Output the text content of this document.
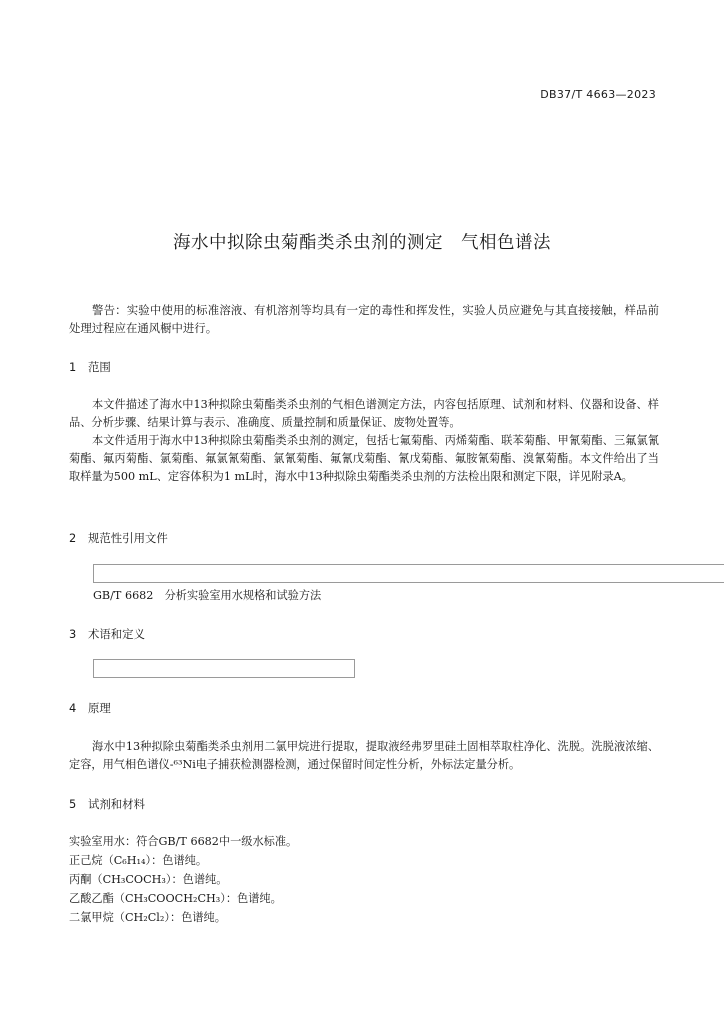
DB37/T 4663—2023
海水中拟除虫菊酯类杀虫剂的测定　气相色谱法
警告：实验中使用的标准溶液、有机溶剂等均具有一定的毒性和挥发性，实验人员应避免与其直接接触，样品前处理过程应在通风橱中进行。
1 范围
本文件描述了海水中13种拟除虫菊酯类杀虫剂的气相色谱测定方法，内容包括原理、试剂和材料、仪器和设备、样品、分析步骤、结果计算与表示、准确度、质量控制和质量保证、废物处置等。
本文件适用于海水中13种拟除虫菊酯类杀虫剂的测定，包括七氟菊酯、丙烯菊酯、联苯菊酯、甲氰菊酯、三氟氯氰菊酯、氟丙菊酯、氯菊酯、氟氯氰菊酯、氯氰菊酯、氟氰戊菊酯、氰戊菊酯、氟胺氰菊酯、溴氰菊酯。本文件给出了当取样量为500 mL、定容体积为1 mL时，海水中13种拟除虫菊酯类杀虫剂的方法检出限和测定下限，详见附录A。
2 规范性引用文件
GB/T 6682　分析实验室用水规格和试验方法
3 术语和定义
4 原理
海水中13种拟除虫菊酯类杀虫剂用二氯甲烷进行提取，提取液经弗罗里硅土固相萃取柱净化、洗脱。洗脱液浓缩、定容，用气相色谱仪-⁶³Ni电子捕获检测器检测，通过保留时间定性分析，外标法定量分析。
5 试剂和材料
实验室用水：符合GB/T 6682中一级水标准。
正己烷（C₆H₁₄）：色谱纯。
丙酮（CH₃COCH₃）：色谱纯。
乙酸乙酯（CH₃COOCH₂CH₃）：色谱纯。
二氯甲烷（CH₂Cl₂）：色谱纯。
